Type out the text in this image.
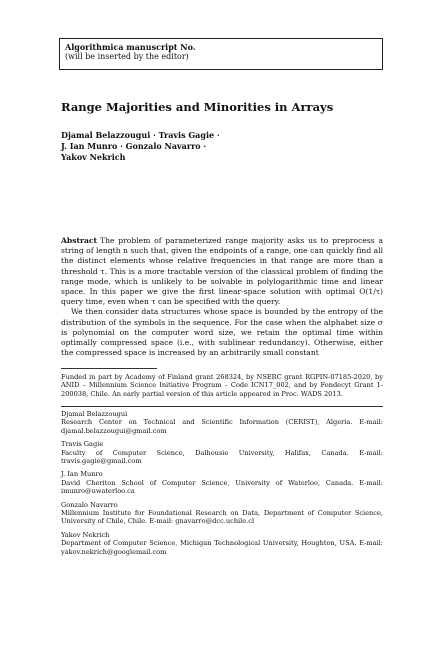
Algorithmica manuscript No.
(will be inserted by the editor)
Range Majorities and Minorities in Arrays
Djamal Belazzougui · Travis Gagie ·
J. Ian Munro · Gonzalo Navarro ·
Yakov Nekrich

Abstract The problem of parameterized range majority asks us to preprocess a string of length n such that, given the endpoints of a range, one can quickly find all the distinct elements whose relative frequencies in that range are more than a threshold τ. This is a more tractable version of the classical problem of finding the range mode, which is unlikely to be solvable in polylogarithmic time and linear space. In this paper we give the first linear-space solution with optimal O(1/τ) query time, even when τ can be specified with the query.

We then consider data structures whose space is bounded by the entropy of the distribution of the symbols in the sequence. For the case when the alphabet size σ is polynomial on the computer word size, we retain the optimal time within optimally compressed space (i.e., with sublinear redundancy). Otherwise, either the compressed space is increased by an arbitrarily small constant

Funded in part by Academy of Finland grant 268324, by NSERC grant RGPIN-07185-2020, by ANID – Millennium Science Initiative Program – Code ICN17_002, and by Fondecyt Grant 1-200038, Chile. An early partial version of this article appeared in Proc. WADS 2013.
Djamal Belazzougui
Research Center on Technical and Scientific Information (CERIST), Algeria. E-mail: djamal.belazzougui@gmail.com
Travis Gagie
Faculty of Computer Science, Dalhousie University, Halifax, Canada. E-mail: travis.gagie@gmail.com
J. Ian Munro
David Cheriton School of Computer Science, University of Waterloo, Canada. E-mail: imunro@uwaterloo.ca
Gonzalo Navarro
Millennium Institute for Foundational Research on Data, Department of Computer Science, University of Chile, Chile. E-mail: gnavarro@dcc.uchile.cl
Yakov Nekrich
Department of Computer Science, Michigan Technological University, Houghton, USA. E-mail: yakov.nekrich@googlemail.com
